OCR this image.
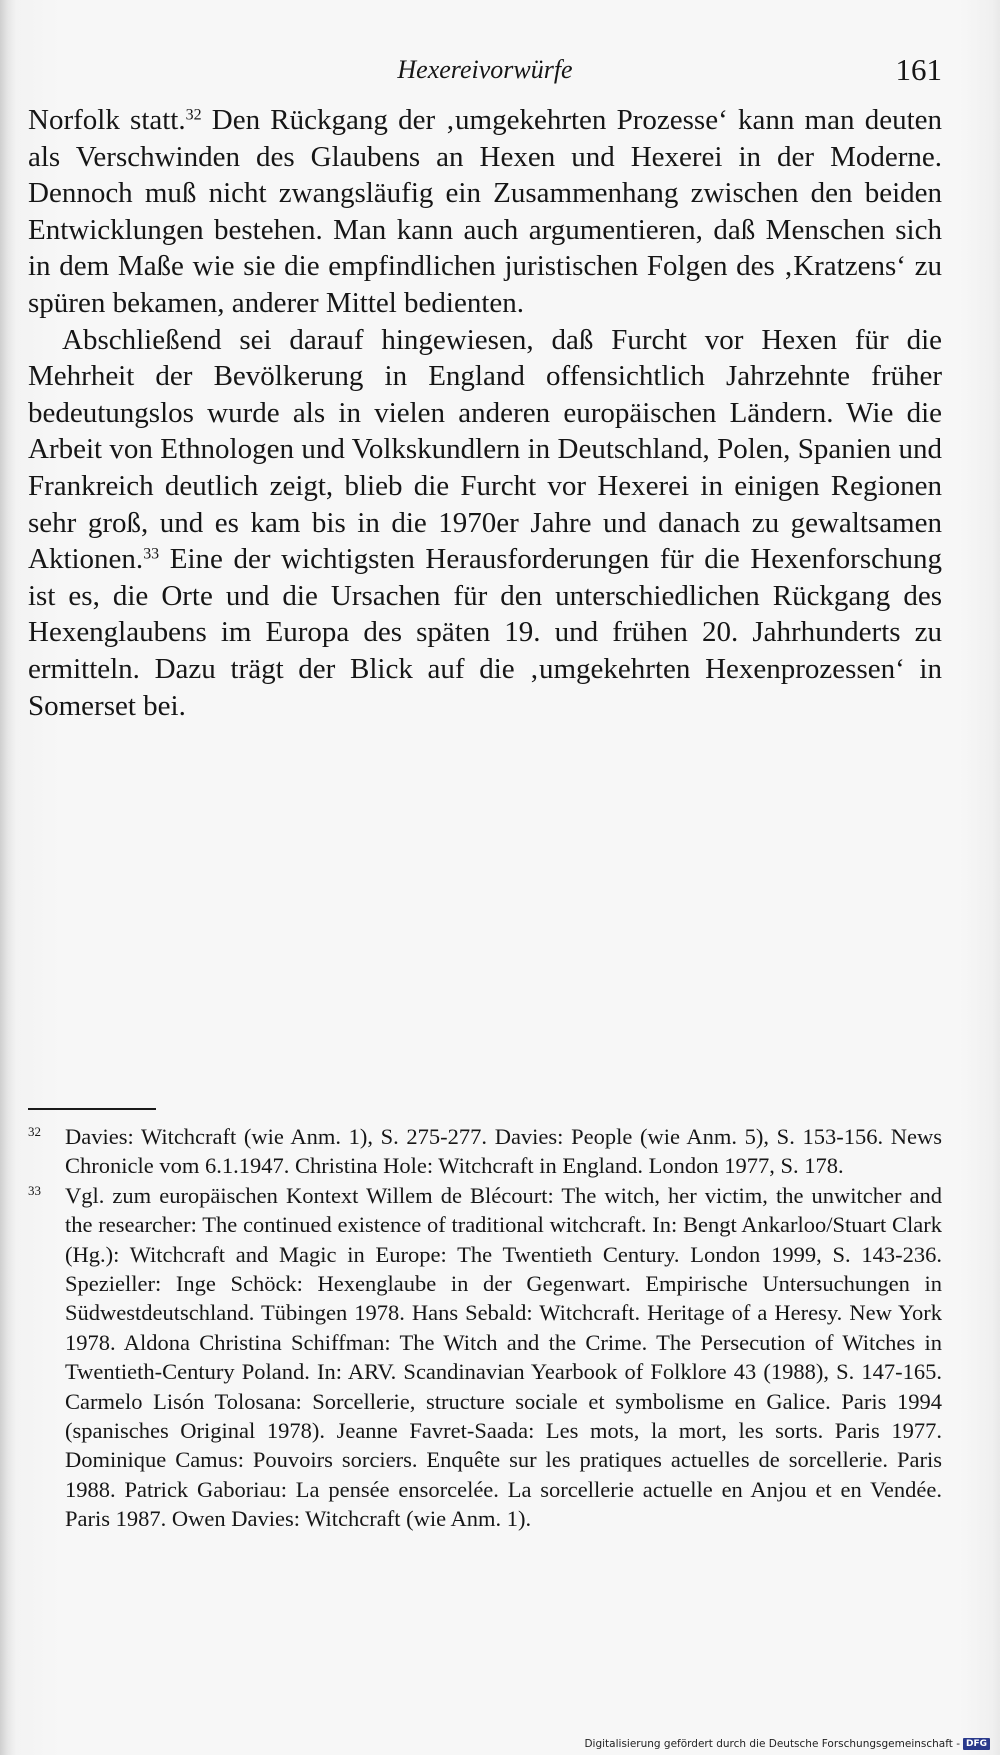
Hexereivorwürfe	161

Norfolk statt.$^{32}$ Den Rückgang der ‚umgekehrten Prozesse‘ kann man deuten als Verschwinden des Glaubens an Hexen und Hexerei in der Moderne. Dennoch muß nicht zwangsläufig ein Zusammenhang zwischen den beiden Entwicklungen bestehen. Man kann auch argumentieren, daß Menschen sich in dem Maße wie sie die empfindlichen juristischen Folgen des ‚Kratzens‘ zu spüren bekamen, anderer Mittel bedienten.

Abschließend sei darauf hingewiesen, daß Furcht vor Hexen für die Mehrheit der Bevölkerung in England offensichtlich Jahrzehnte früher bedeutungslos wurde als in vielen anderen europäischen Ländern. Wie die Arbeit von Ethnologen und Volkskundlern in Deutschland, Polen, Spanien und Frankreich deutlich zeigt, blieb die Furcht vor Hexerei in einigen Regionen sehr groß, und es kam bis in die 1970er Jahre und danach zu gewaltsamen Aktionen.$^{33}$ Eine der wichtigsten Herausforderungen für die Hexenforschung ist es, die Orte und die Ursachen für den unterschiedlichen Rückgang des Hexenglaubens im Europa des späten 19. und frühen 20. Jahrhunderts zu ermitteln. Dazu trägt der Blick auf die ‚umgekehrten Hexenprozessen‘ in Somerset bei.

32 Davies: Witchcraft (wie Anm. 1), S. 275-277. Davies: People (wie Anm. 5), S. 153-156. News Chronicle vom 6.1.1947. Christina Hole: Witchcraft in England. London 1977, S. 178.

33 Vgl. zum europäischen Kontext Willem de Blécourt: The witch, her victim, the unwitcher and the researcher: The continued existence of traditional witchcraft. In: Bengt Ankarloo/Stuart Clark (Hg.): Witchcraft and Magic in Europe: The Twentieth Century. London 1999, S. 143-236. Spezieller: Inge Schöck: Hexenglaube in der Gegenwart. Empirische Untersuchungen in Südwestdeutschland. Tübingen 1978. Hans Sebald: Witchcraft. Heritage of a Heresy. New York 1978. Aldona Christina Schiffman: The Witch and the Crime. The Persecution of Witches in Twentieth-Century Poland. In: ARV. Scandinavian Yearbook of Folklore 43 (1988), S. 147-165. Carmelo Lisón Tolosana: Sorcellerie, structure sociale et symbolisme en Galice. Paris 1994 (spanisches Original 1978). Jeanne Favret-Saada: Les mots, la mort, les sorts. Paris 1977. Dominique Camus: Pouvoirs sorciers. Enquête sur les pratiques actuelles de sorcellerie. Paris 1988. Patrick Gaboriau: La pensée ensorcelée. La sorcellerie actuelle en Anjou et en Vendée. Paris 1987. Owen Davies: Witchcraft (wie Anm. 1).

Digitalisierung gefördert durch die Deutsche Forschungsgemeinschaft - DFG
